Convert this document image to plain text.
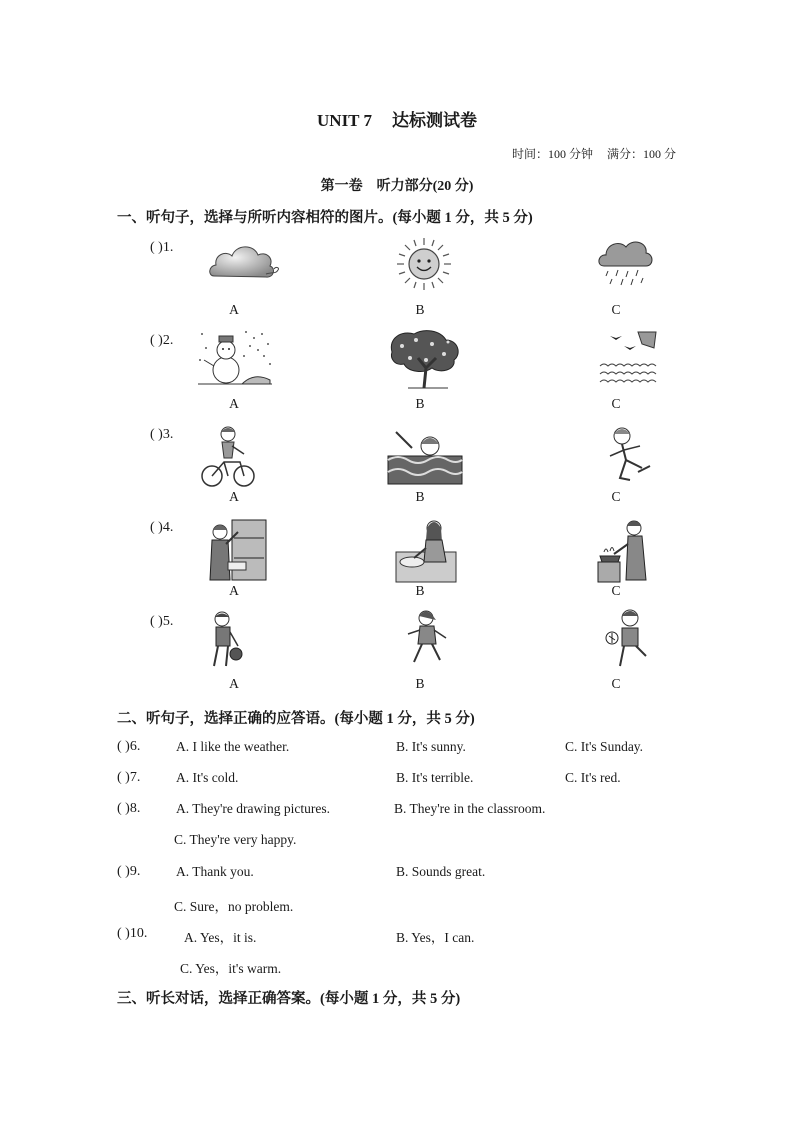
UNIT 7 达标测试卷
时间：100 分钟 满分：100 分
第一卷　听力部分(20 分)
一、听句子，选择与所听内容相符的图片。(每小题 1 分，共 5 分)
( )1.
A	B	C
( )2.
A	B	C
( )3.
A	B	C
( )4.
A	B	C
( )5.
A	B	C
二、听句子，选择正确的应答语。(每小题 1 分，共 5 分)
( )6.	A. I like the weather.	B. It's sunny.	C. It's Sunday.
( )7.	A. It's cold.	B. It's terrible.	C. It's red.
( )8.	A. They're drawing pictures.	B. They're in the classroom.
C. They're very happy.
( )9.	A. Thank you.	B. Sounds great.
C. Sure，no problem.
( )10.	A. Yes，it is.	B. Yes，I can.
C. Yes，it's warm.
三、听长对话，选择正确答案。(每小题 1 分，共 5 分)
